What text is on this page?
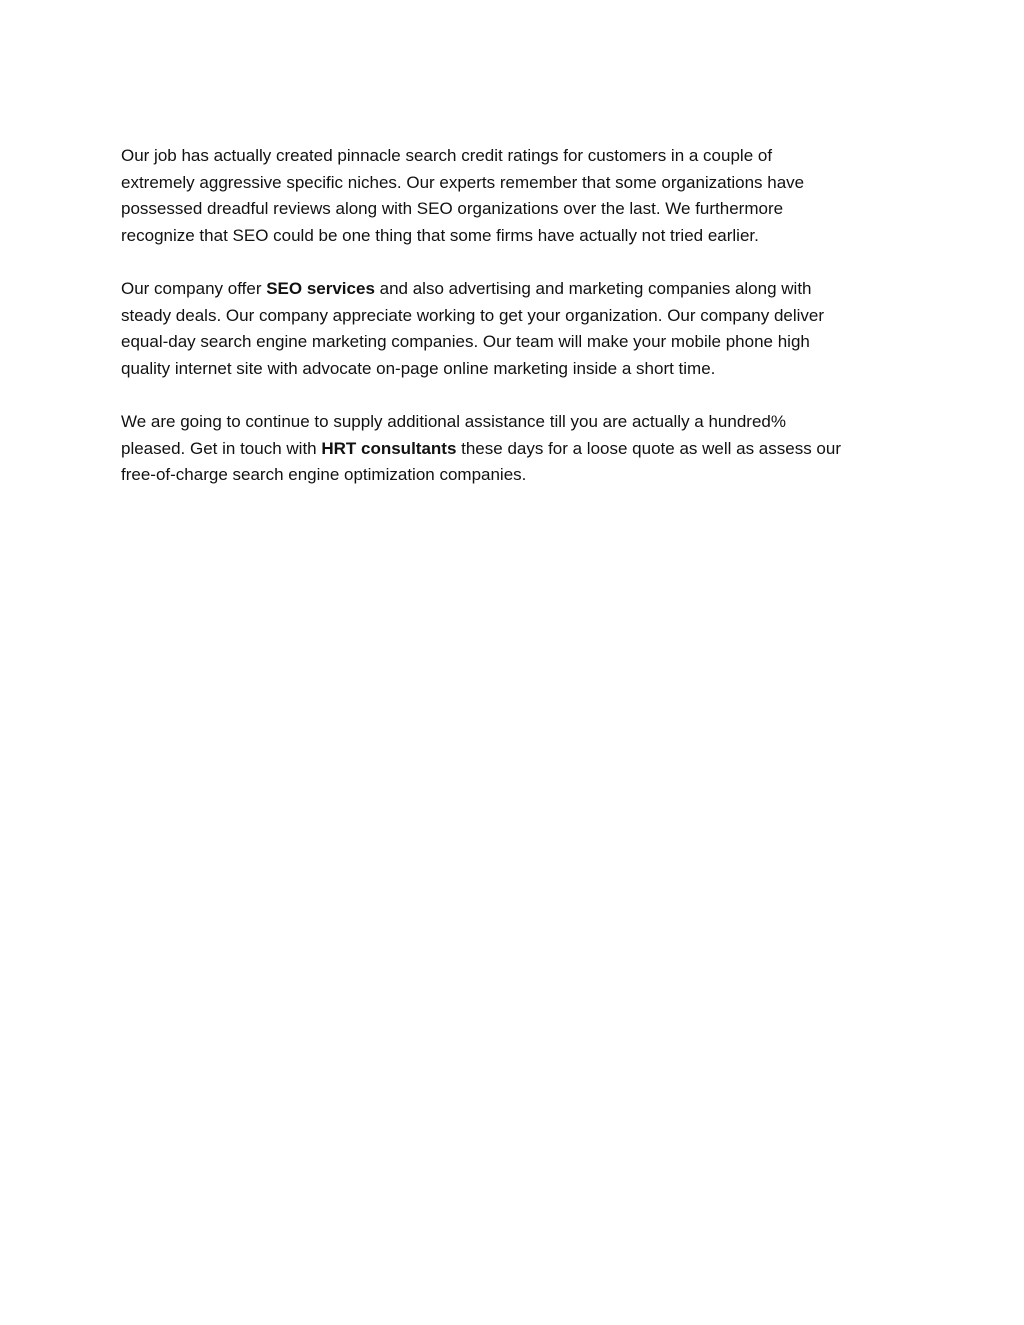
Our job has actually created pinnacle search credit ratings for customers in a couple of
extremely aggressive specific niches. Our experts remember that some organizations have
possessed dreadful reviews along with SEO organizations over the last. We furthermore
recognize that SEO could be one thing that some firms have actually not tried earlier.

Our company offer SEO services and also advertising and marketing companies along with
steady deals. Our company appreciate working to get your organization. Our company deliver
equal-day search engine marketing companies. Our team will make your mobile phone high
quality internet site with advocate on-page online marketing inside a short time.

We are going to continue to supply additional assistance till you are actually a hundred%
pleased. Get in touch with HRT consultants these days for a loose quote as well as assess our
free-of-charge search engine optimization companies.
